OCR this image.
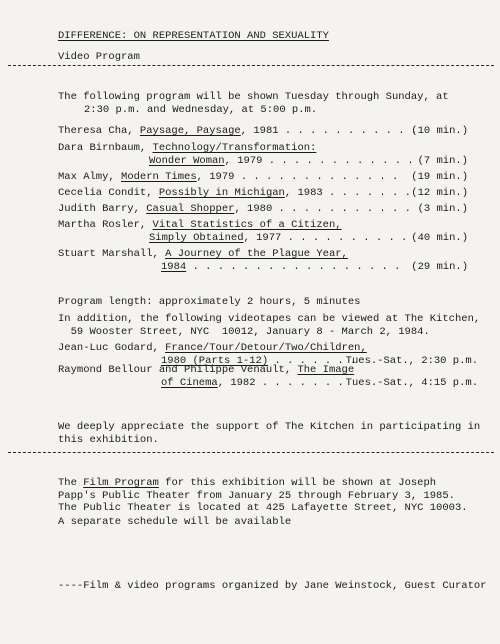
DIFFERENCE: ON REPRESENTATION AND SEXUALITY
Video Program
The following program will be shown Tuesday through Sunday, at
2:30 p.m. and Wednesday, at 5:00 p.m.
Theresa Cha, Paysage, Paysage, 1981 . . . . . . . . . . .
(10 min.)
Dara Birnbaum, Technology/Transformation:
Wonder Woman, 1979 . . . . . . . . . . . . (7 min.)
Max Almy, Modern Times, 1979 . . . . . . . . . . . . . (19 min.)
Cecelia Condit, Possibly in Michigan, 1983 . . . . . . . (12 min.)
Judith Barry, Casual Shopper, 1980 . . . . . . . . . . . (3 min.)
Martha Rosler, Vital Statistics of a Citizen,
Simply Obtained, 1977 . . . . . . . . . . (40 min.)
Stuart Marshall, A Journey of the Plague Year,
1984 . . . . . . . . . . . . . . . . . (29 min.)
Program length: approximately 2 hours, 5 minutes
In addition, the following videotapes can be viewed at The Kitchen,
59 Wooster Street, NYC  10012, January 8 - March 2, 1984.
Jean-Luc Godard, France/Tour/Detour/Two/Children,
1980 (Parts 1-12) . . . . . . .
Tues.-Sat., 2:30 p.m.
Raymond Bellour and Philippe Venault, The Image
of Cinema, 1982 . . . . . . . Tues.-Sat., 4:15 p.m.
We deeply appreciate the support of The Kitchen in participating in
this exhibition.
The Film Program for this exhibition will be shown at Joseph
Papp's Public Theater from January 25 through February 3, 1985.
The Public Theater is located at 425 Lafayette Street, NYC 10003.
A separate schedule will be available
----Film & video programs organized by Jane Weinstock, Guest Curator
